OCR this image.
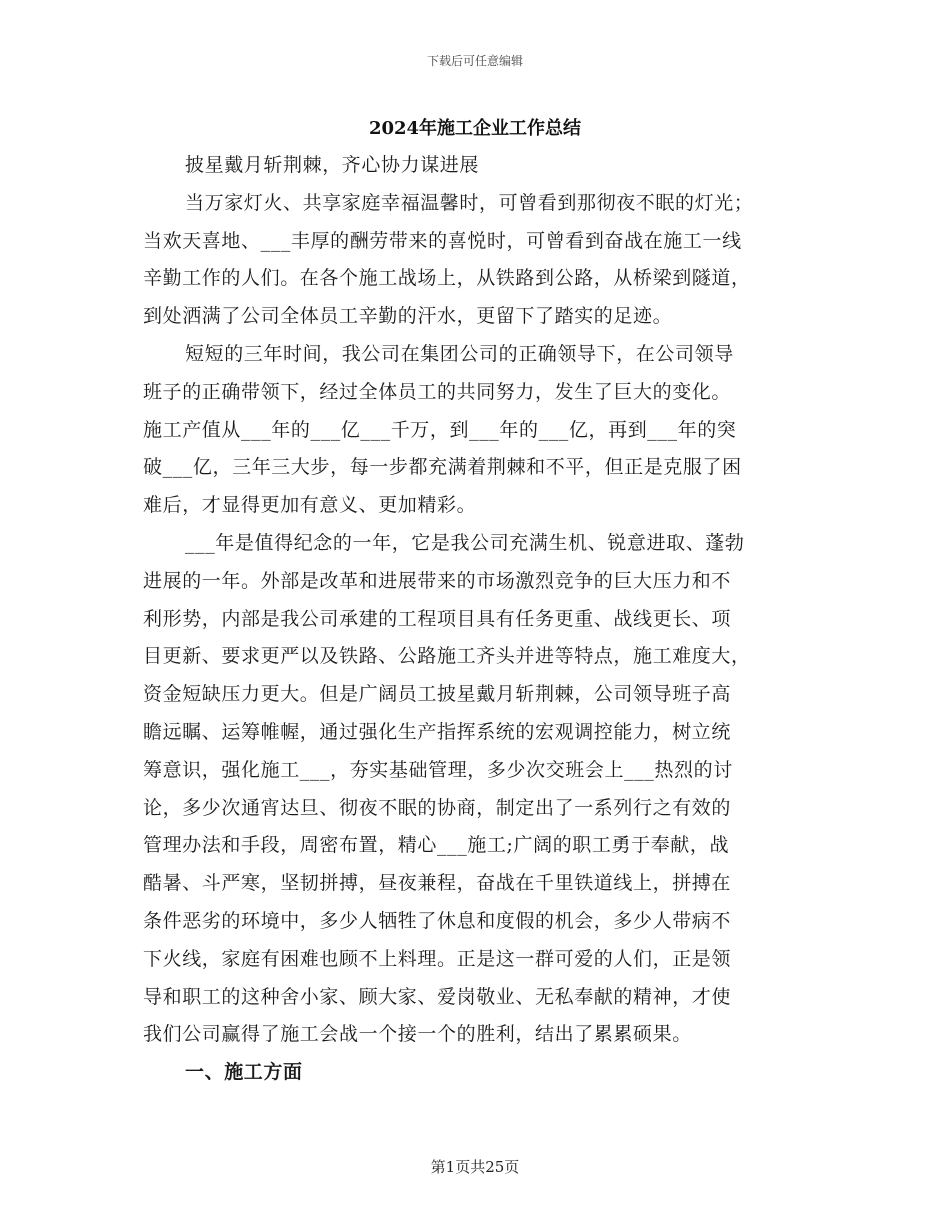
下载后可任意编辑
2024年施工企业工作总结
披星戴月斩荆棘，齐心协力谋进展
当万家灯火、共享家庭幸福温馨时，可曾看到那彻夜不眠的灯光；
当欢天喜地、___丰厚的酬劳带来的喜悦时，可曾看到奋战在施工一线
辛勤工作的人们。在各个施工战场上，从铁路到公路，从桥梁到隧道，
到处洒满了公司全体员工辛勤的汗水，更留下了踏实的足迹。
短短的三年时间，我公司在集团公司的正确领导下，在公司领导
班子的正确带领下，经过全体员工的共同努力，发生了巨大的变化。
施工产值从___年的___亿___千万，到___年的___亿，再到___年的突
破___亿，三年三大步，每一步都充满着荆棘和不平，但正是克服了困
难后，才显得更加有意义、更加精彩。
___年是值得纪念的一年，它是我公司充满生机、锐意进取、蓬勃
进展的一年。外部是改革和进展带来的市场激烈竞争的巨大压力和不
利形势，内部是我公司承建的工程项目具有任务更重、战线更长、项
目更新、要求更严以及铁路、公路施工齐头并进等特点，施工难度大，
资金短缺压力更大。但是广阔员工披星戴月斩荆棘，公司领导班子高
瞻远瞩、运筹帷幄，通过强化生产指挥系统的宏观调控能力，树立统
筹意识，强化施工___，夯实基础管理，多少次交班会上___热烈的讨
论，多少次通宵达旦、彻夜不眠的协商，制定出了一系列行之有效的
管理办法和手段，周密布置，精心___施工;广阔的职工勇于奉献，战
酷暑、斗严寒，坚韧拼搏，昼夜兼程，奋战在千里铁道线上，拼搏在
条件恶劣的环境中，多少人牺牲了休息和度假的机会，多少人带病不
下火线，家庭有困难也顾不上料理。正是这一群可爱的人们，正是领
导和职工的这种舍小家、顾大家、爱岗敬业、无私奉献的精神，才使
我们公司赢得了施工会战一个接一个的胜利，结出了累累硕果。
一、施工方面
第1页共25页
